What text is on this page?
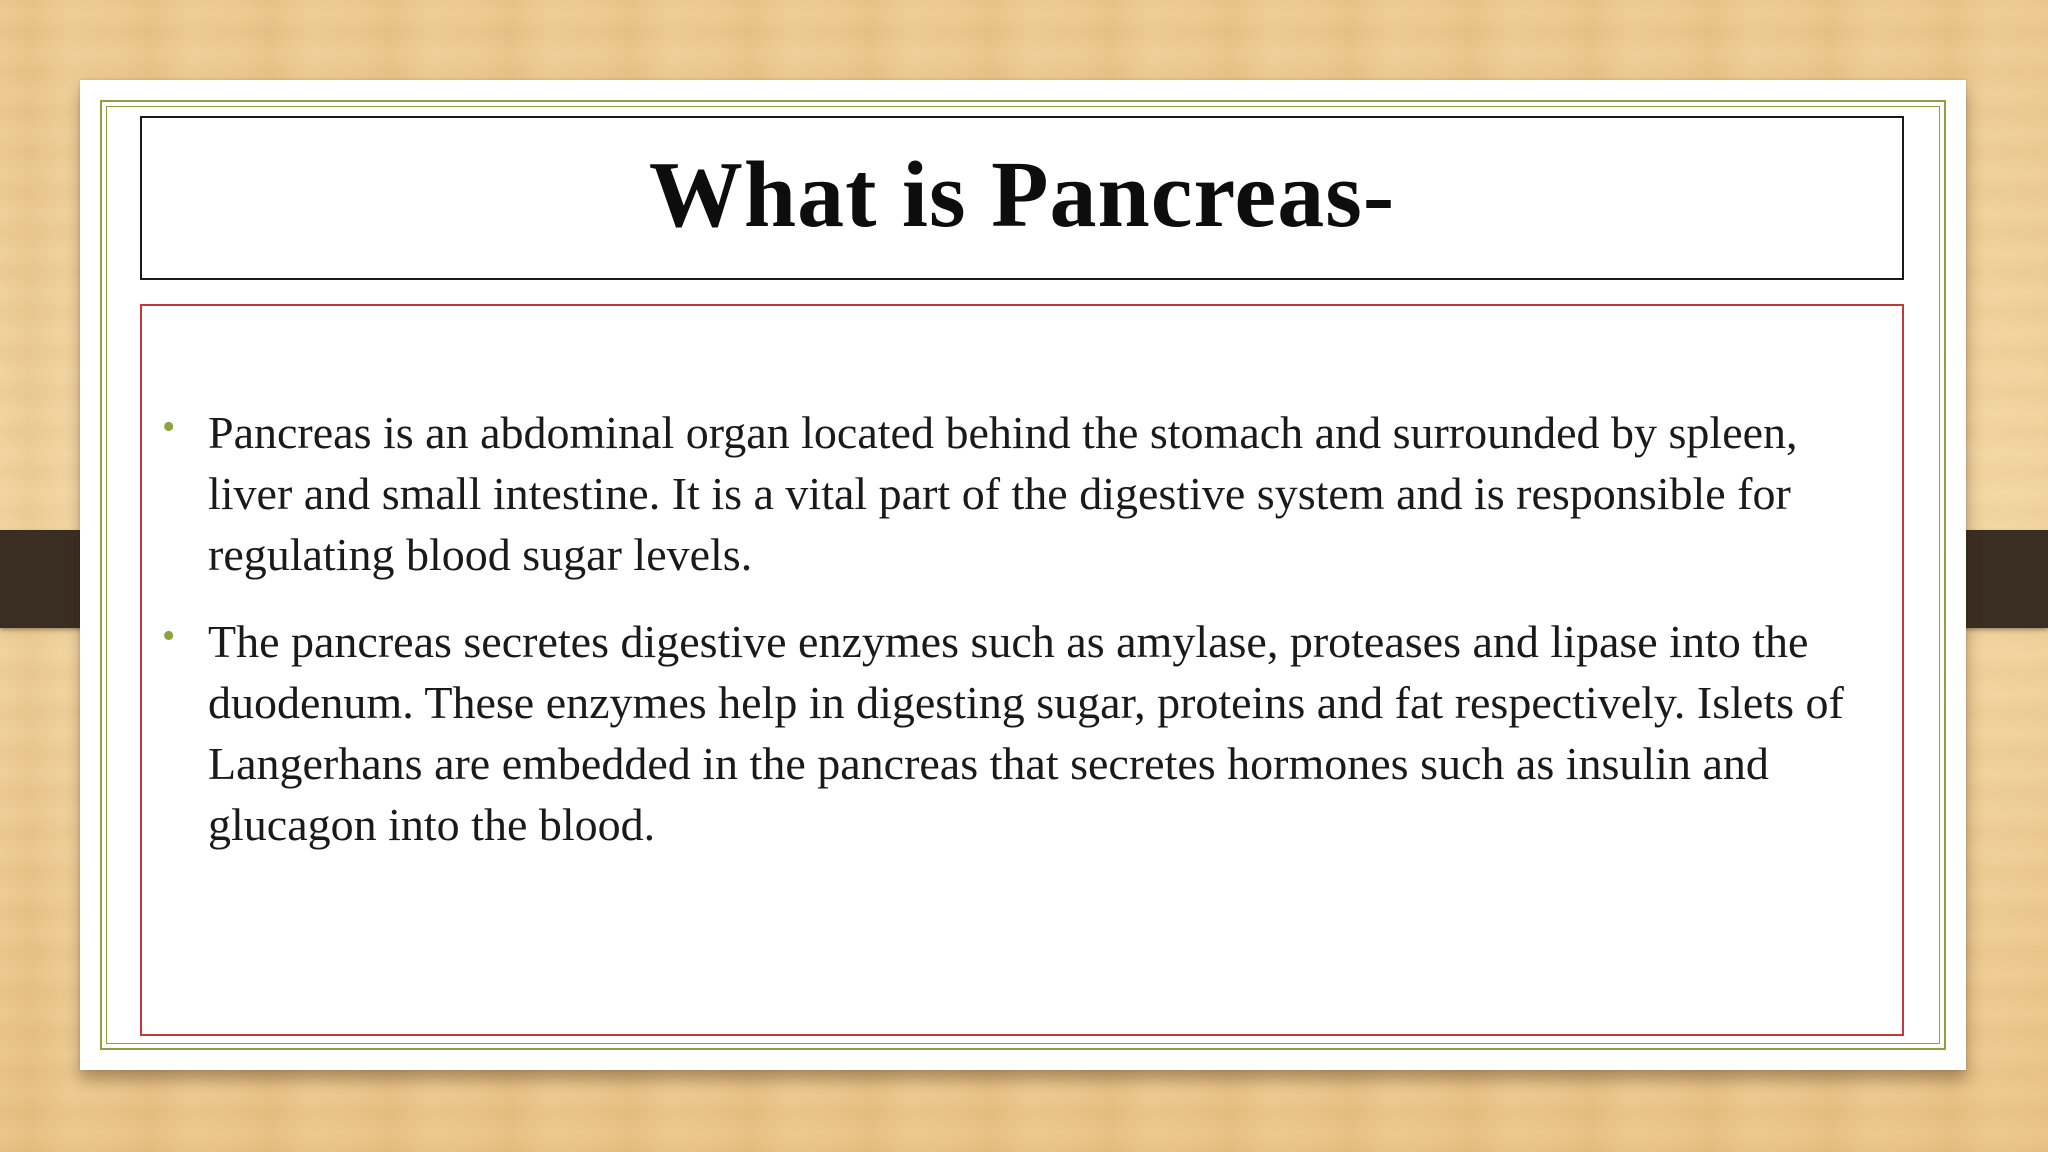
What is Pancreas-
• Pancreas is an abdominal organ located behind the stomach and surrounded by spleen, liver and small intestine. It is a vital part of the digestive system and is responsible for regulating blood sugar levels.
• The pancreas secretes digestive enzymes such as amylase, proteases and lipase into the duodenum. These enzymes help in digesting sugar, proteins and fat respectively. Islets of Langerhans are embedded in the pancreas that secretes hormones such as insulin and glucagon into the blood.
